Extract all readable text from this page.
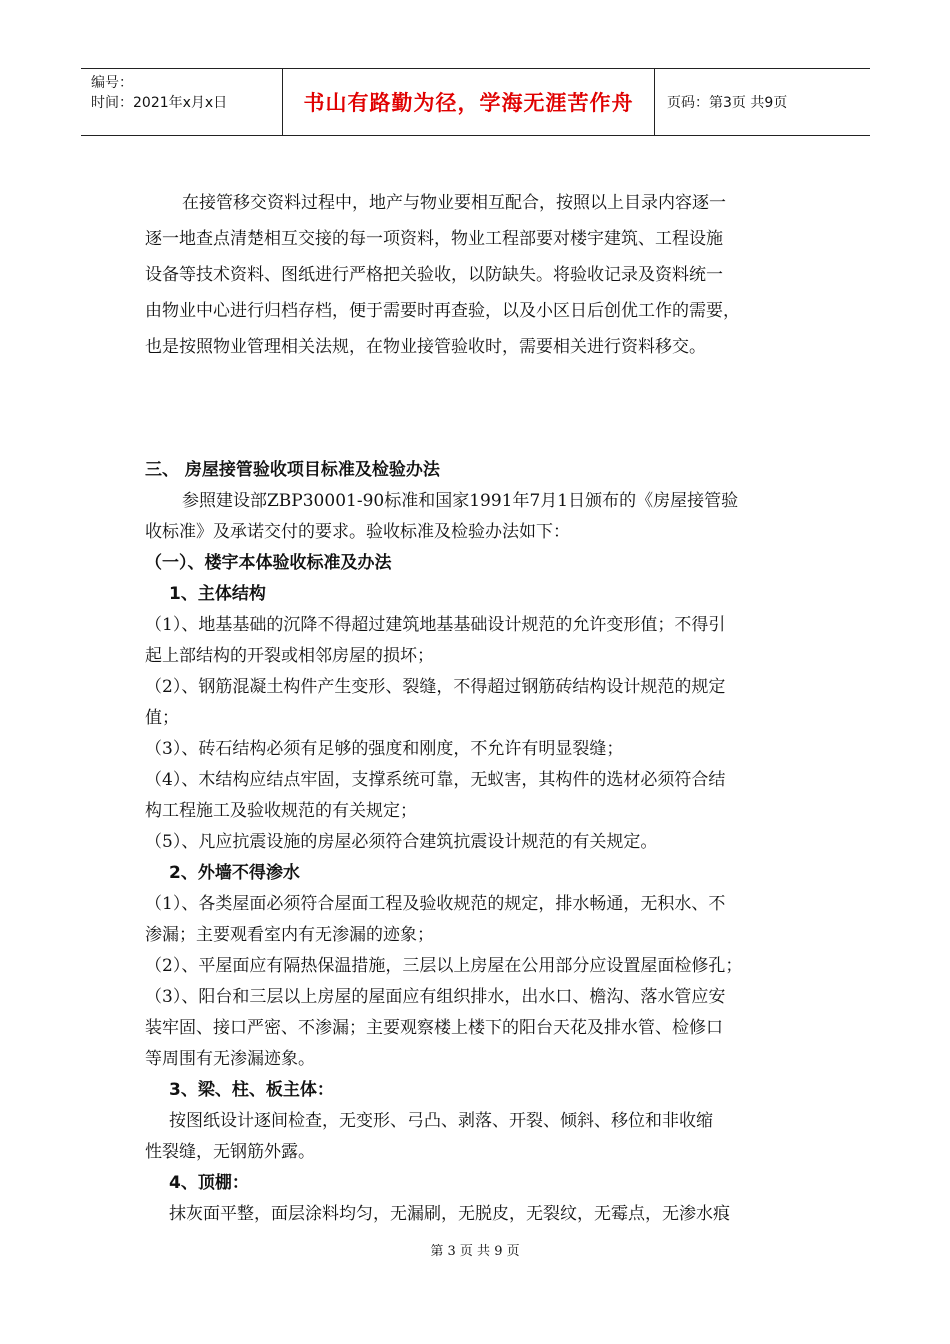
编号：
时间：2021年x月x日	书山有路勤为径，学海无涯苦作舟 页码：第3页 共9页
在接管移交资料过程中，地产与物业要相互配合，按照以上目录内容逐一
逐一地查点清楚相互交接的每一项资料，物业工程部要对楼宇建筑、工程设施
设备等技术资料、图纸进行严格把关验收，以防缺失。将验收记录及资料统一
由物业中心进行归档存档，便于需要时再查验，以及小区日后创优工作的需要，
也是按照物业管理相关法规，在物业接管验收时，需要相关进行资料移交。
三、 房屋接管验收项目标准及检验办法
参照建设部ZBP30001-90标准和国家1991年7月1日颁布的《房屋接管验
收标准》及承诺交付的要求。验收标准及检验办法如下：
（一）、楼宇本体验收标准及办法
1、主体结构
（1）、地基基础的沉降不得超过建筑地基基础设计规范的允许变形值；不得引
起上部结构的开裂或相邻房屋的损坏；
（2）、钢筋混凝土构件产生变形、裂缝，不得超过钢筋砖结构设计规范的规定
值；
（3）、砖石结构必须有足够的强度和刚度，不允许有明显裂缝；
（4）、木结构应结点牢固，支撑系统可靠，无蚁害，其构件的选材必须符合结
构工程施工及验收规范的有关规定；
（5）、凡应抗震设施的房屋必须符合建筑抗震设计规范的有关规定。
2、外墙不得渗水
（1）、各类屋面必须符合屋面工程及验收规范的规定，排水畅通，无积水、不
渗漏；主要观看室内有无渗漏的迹象；
（2）、平屋面应有隔热保温措施，三层以上房屋在公用部分应设置屋面检修孔；
（3）、阳台和三层以上房屋的屋面应有组织排水，出水口、檐沟、落水管应安
装牢固、接口严密、不渗漏；主要观察楼上楼下的阳台天花及排水管、检修口
等周围有无渗漏迹象。
3、梁、柱、板主体：
按图纸设计逐间检查，无变形、弓凸、剥落、开裂、倾斜、移位和非收缩
性裂缝，无钢筋外露。
4、顶棚：
抹灰面平整，面层涂料均匀，无漏刷，无脱皮，无裂纹，无霉点，无渗水痕
第 3 页 共 9 页
